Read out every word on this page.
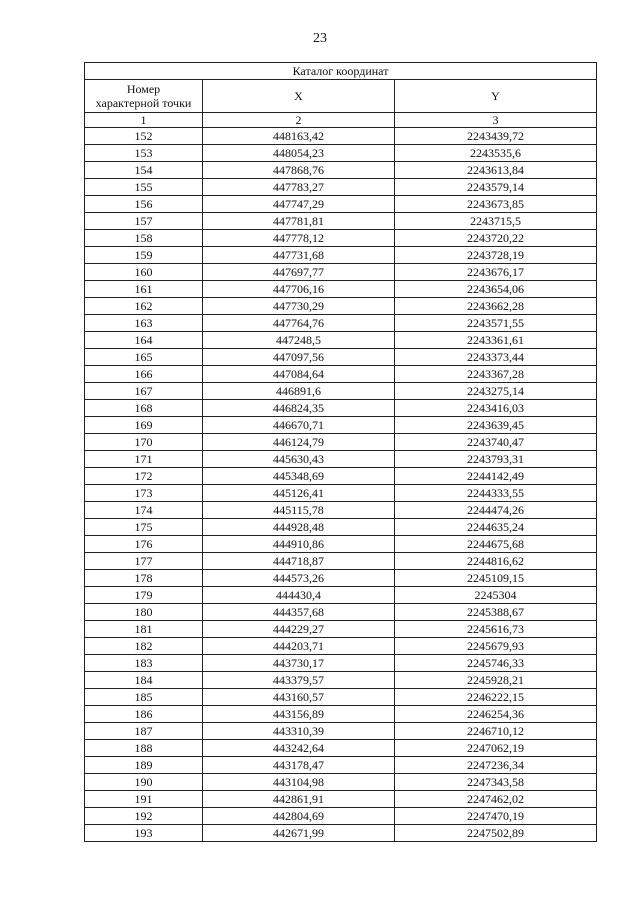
23
Каталог координат		
Номер
характерной точки	X	Y
1	2	3
152	448163,42	2243439,72
153	448054,23	2243535,6
154	447868,76	2243613,84
155	447783,27	2243579,14
156	447747,29	2243673,85
157	447781,81	2243715,5
158	447778,12	2243720,22
159	447731,68	2243728,19
160	447697,77	2243676,17
161	447706,16	2243654,06
162	447730,29	2243662,28
163	447764,76	2243571,55
164	447248,5	2243361,61
165	447097,56	2243373,44
166	447084,64	2243367,28
167	446891,6	2243275,14
168	446824,35	2243416,03
169	446670,71	2243639,45
170	446124,79	2243740,47
171	445630,43	2243793,31
172	445348,69	2244142,49
173	445126,41	2244333,55
174	445115,78	2244474,26
175	444928,48	2244635,24
176	444910,86	2244675,68
177	444718,87	2244816,62
178	444573,26	2245109,15
179	444430,4	2245304
180	444357,68	2245388,67
181	444229,27	2245616,73
182	444203,71	2245679,93
183	443730,17	2245746,33
184	443379,57	2245928,21
185	443160,57	2246222,15
186	443156,89	2246254,36
187	443310,39	2246710,12
188	443242,64	2247062,19
189	443178,47	2247236,34
190	443104,98	2247343,58
191	442861,91	2247462,02
192	442804,69	2247470,19
193	442671,99	2247502,89
